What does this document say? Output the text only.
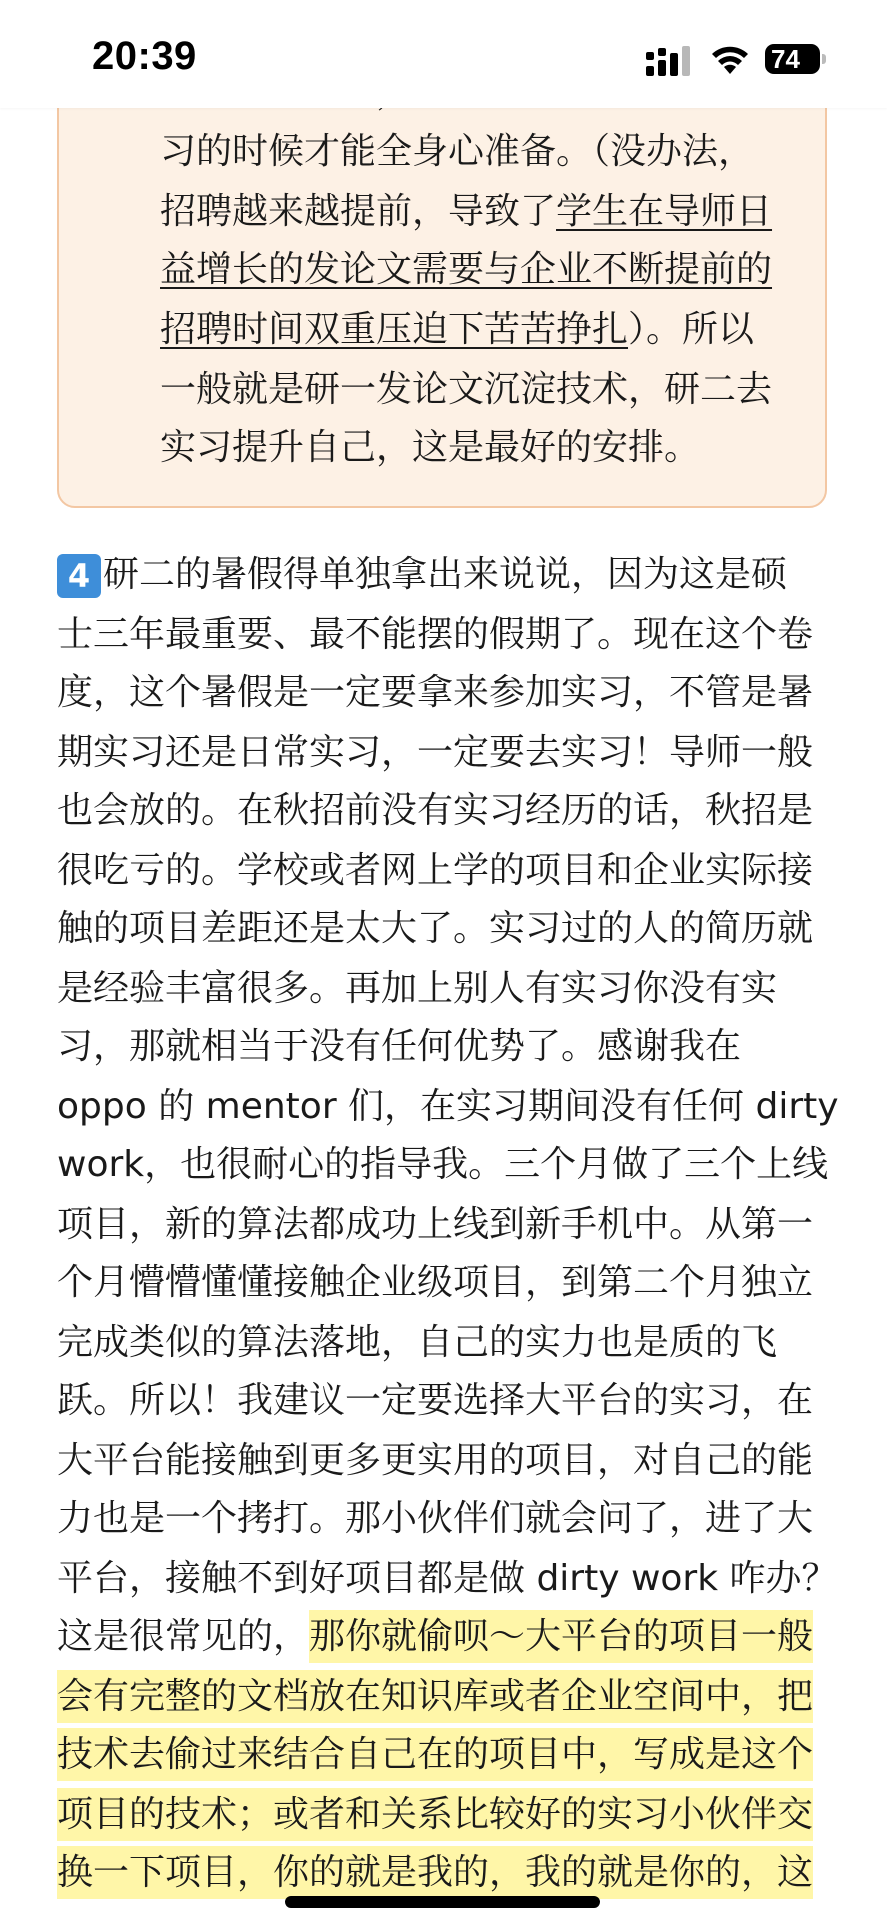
20:39	74
习的时候才能全身心准备。（没办法，
招聘越来越提前，导致了学生在导师日
益增长的发论文需要与企业不断提前的
招聘时间双重压迫下苦苦挣扎）。所以
一般就是研一发论文沉淀技术，研二去
实习提升自己，这是最好的安排。
4 研二的暑假得单独拿出来说说，因为这是硕
士三年最重要、最不能摆的假期了。现在这个卷
度，这个暑假是一定要拿来参加实习，不管是暑
期实习还是日常实习，一定要去实习！导师一般
也会放的。在秋招前没有实习经历的话，秋招是
很吃亏的。学校或者网上学的项目和企业实际接
触的项目差距还是太大了。实习过的人的简历就
是经验丰富很多。再加上别人有实习你没有实
习，那就相当于没有任何优势了。感谢我在
oppo 的 mentor 们，在实习期间没有任何 dirty
work，也很耐心的指导我。三个月做了三个上线
项目，新的算法都成功上线到新手机中。从第一
个月懵懵懂懂接触企业级项目，到第二个月独立
完成类似的算法落地，自己的实力也是质的飞
跃。所以！我建议一定要选择大平台的实习，在
大平台能接触到更多更实用的项目，对自己的能
力也是一个拷打。那小伙伴们就会问了，进了大
平台，接触不到好项目都是做 dirty work 咋办？
这是很常见的，那你就偷呗～大平台的项目一般
会有完整的文档放在知识库或者企业空间中，把
技术去偷过来结合自己在的项目中，写成是这个
项目的技术；或者和关系比较好的实习小伙伴交
换一下项目，你的就是我的，我的就是你的，这
